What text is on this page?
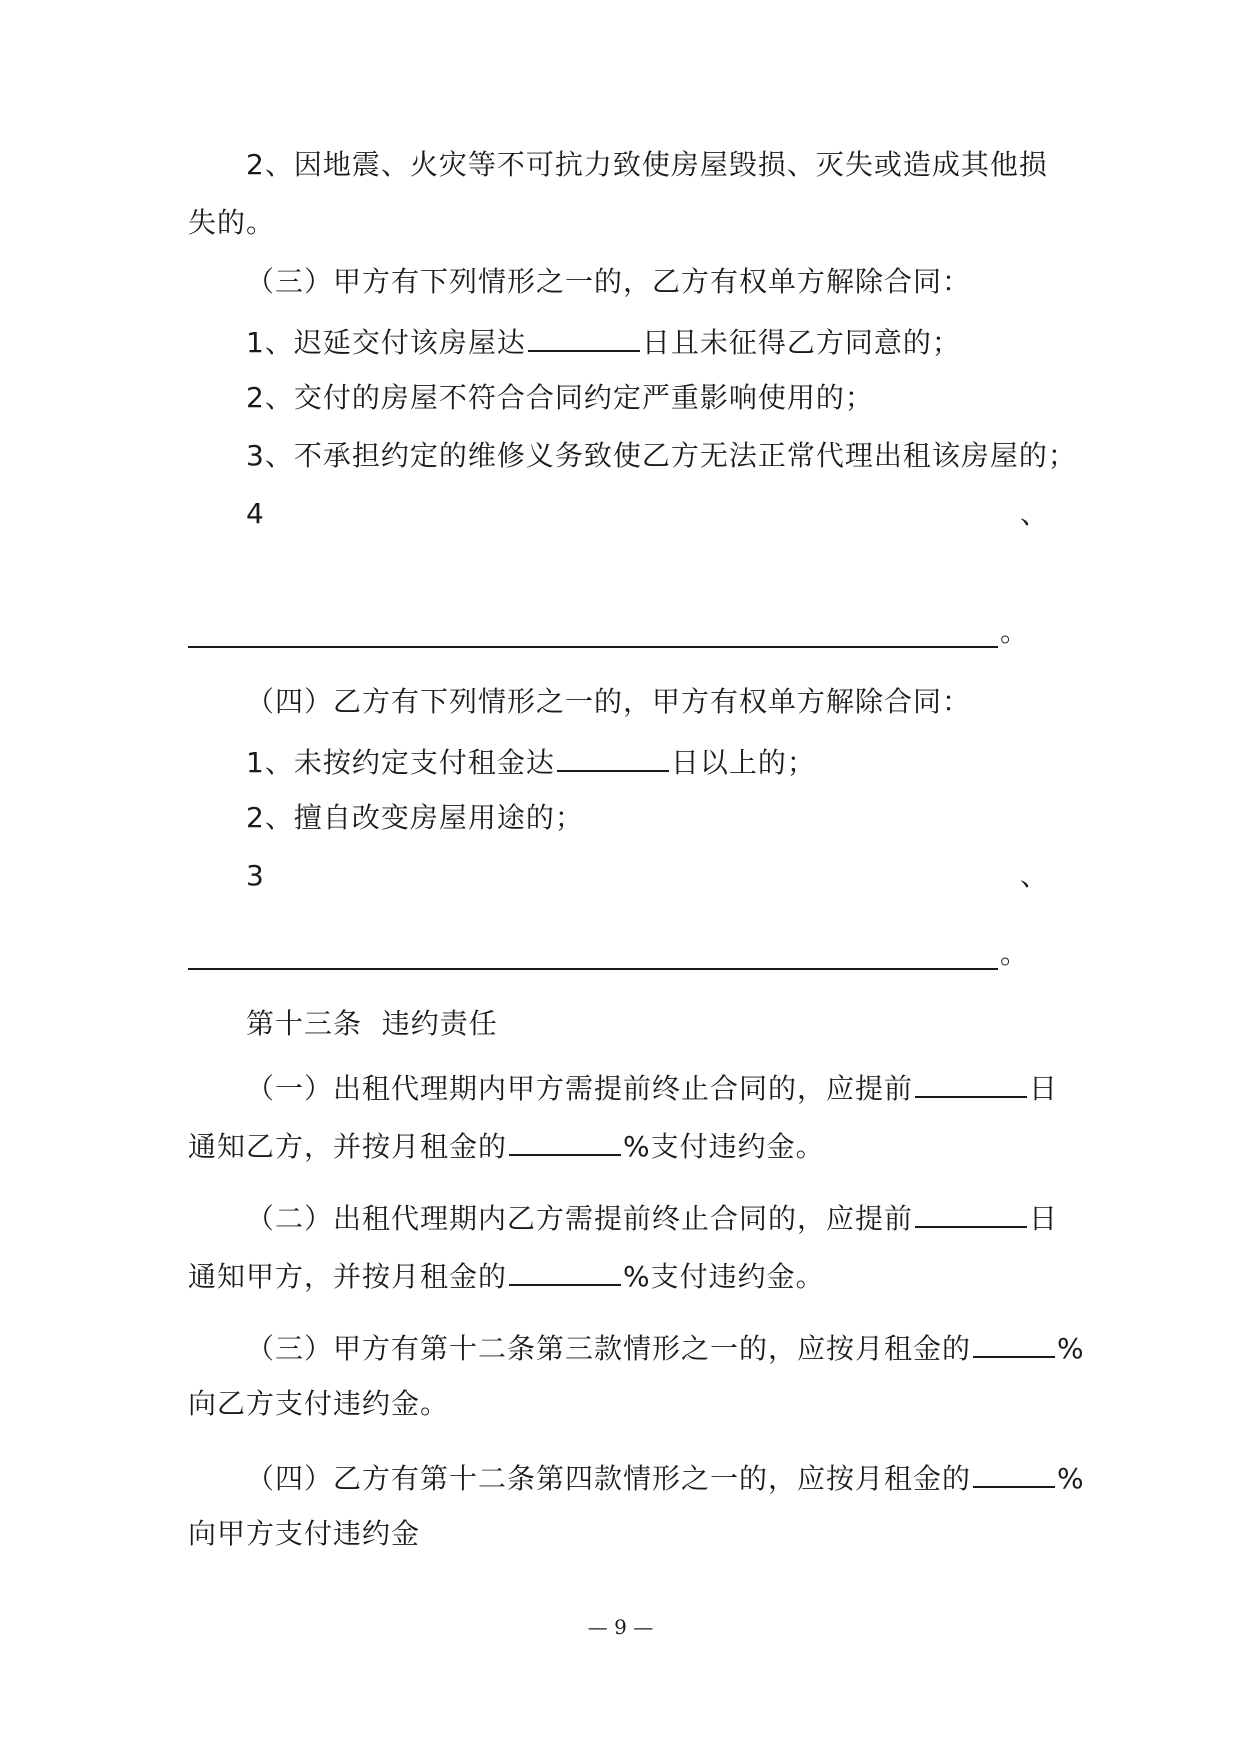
2、因地震、火灾等不可抗力致使房屋毁损、灭失或造成其他损
失的。
（三）甲方有下列情形之一的，乙方有权单方解除合同：
1、迟延交付该房屋达	日且未征得乙方同意的；
2、交付的房屋不符合合同约定严重影响使用的；
3、不承担约定的维修义务致使乙方无法正常代理出租该房屋的；
4	、
。
（四）乙方有下列情形之一的，甲方有权单方解除合同：
1、未按约定支付租金达	日以上的；
2、擅自改变房屋用途的；
3	、
。
第十三条  违约责任
（一）出租代理期内甲方需提前终止合同的，应提前	日
通知乙方，并按月租金的	%支付违约金。
（二）出租代理期内乙方需提前终止合同的，应提前	日
通知甲方，并按月租金的	%支付违约金。
（三）甲方有第十二条第三款情形之一的，应按月租金的	%
向乙方支付违约金。
（四）乙方有第十二条第四款情形之一的，应按月租金的	%
向甲方支付违约金
— 9 —
